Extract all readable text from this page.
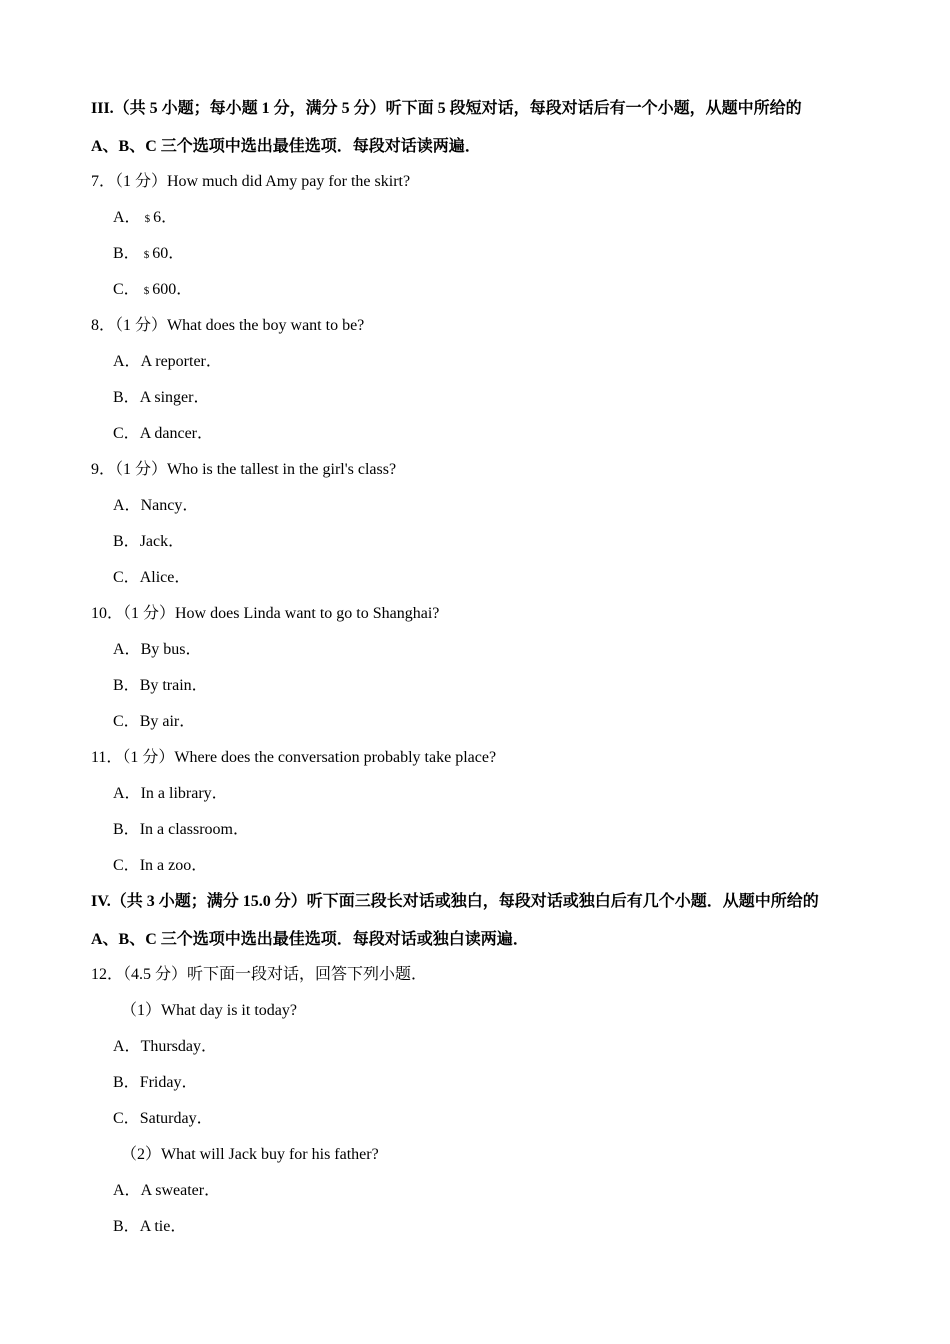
III.（共 5 小题；每小题 1 分，满分 5 分）听下面 5 段短对话，每段对话后有一个小题，从题中所给的
A、B、C 三个选项中选出最佳选项．每段对话读两遍．
7．（1 分）How much did Amy pay for the skirt?
A． $ 6．
B． $ 60．
C． $ 600．
8．（1 分）What does the boy want to be?
A．A reporter．
B．A singer．
C．A dancer．
9．（1 分）Who is the tallest in the girl's class?
A．Nancy．
B．Jack．
C．Alice．
10．（1 分）How does Linda want to go to Shanghai?
A．By bus．
B．By train．
C．By air．
11．（1 分）Where does the conversation probably take place?
A．In a library．
B．In a classroom．
C．In a zoo．
IV.（共 3 小题；满分 15.0 分）听下面三段长对话或独白，每段对话或独白后有几个小题．从题中所给的
A、B、C 三个选项中选出最佳选项．每段对话或独白读两遍．
12．（4.5 分）听下面一段对话，回答下列小题．
（1）What day is it today?
A．Thursday．
B．Friday．
C．Saturday．
（2）What will Jack buy for his father?
A．A sweater．
B．A tie．
